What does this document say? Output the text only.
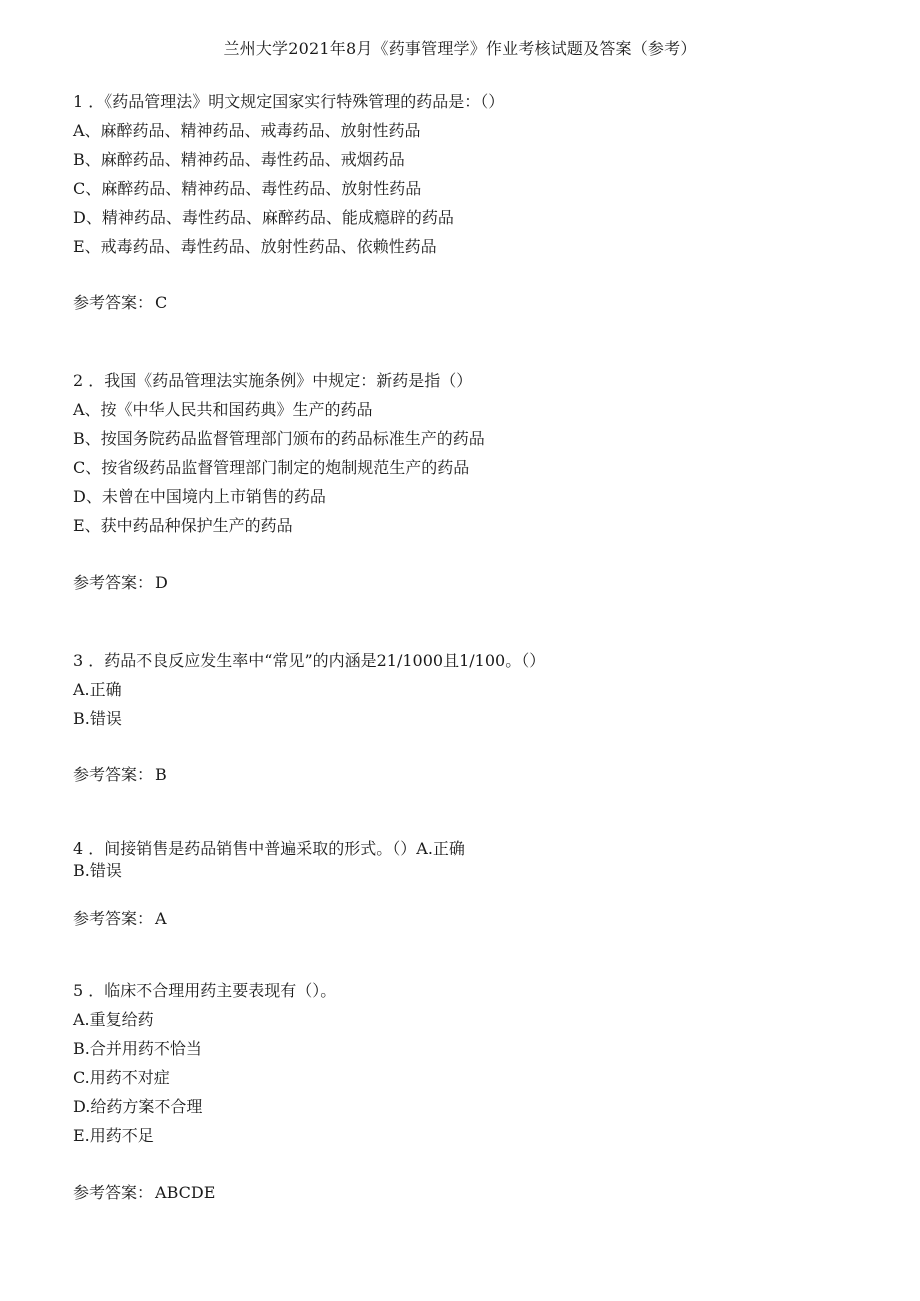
兰州大学2021年8月《药事管理学》作业考核试题及答案（参考）
1 ．《药品管理法》明文规定国家实行特殊管理的药品是：（）
A、麻醉药品、精神药品、戒毒药品、放射性药品
B、麻醉药品、精神药品、毒性药品、戒烟药品
C、麻醉药品、精神药品、毒性药品、放射性药品
D、精神药品、毒性药品、麻醉药品、能成瘾辟的药品
E、戒毒药品、毒性药品、放射性药品、依赖性药品
参考答案： C
2 ．我国《药品管理法实施条例》中规定：新药是指（）
A、按《中华人民共和国药典》生产的药品
B、按国务院药品监督管理部门颁布的药品标准生产的药品
C、按省级药品监督管理部门制定的炮制规范生产的药品
D、未曾在中国境内上市销售的药品
E、获中药品种保护生产的药品
参考答案： D
3 ．药品不良反应发生率中“常见”的内涵是21/1000且1/100。（）
A.正确
B.错误
参考答案： B
4 ．间接销售是药品销售中普遍采取的形式。（）A.正确
B.错误
参考答案： A
5 ．临床不合理用药主要表现有（）。
A.重复给药
B.合并用药不恰当
C.用药不对症
D.给药方案不合理
E.用药不足
参考答案： ABCDE
